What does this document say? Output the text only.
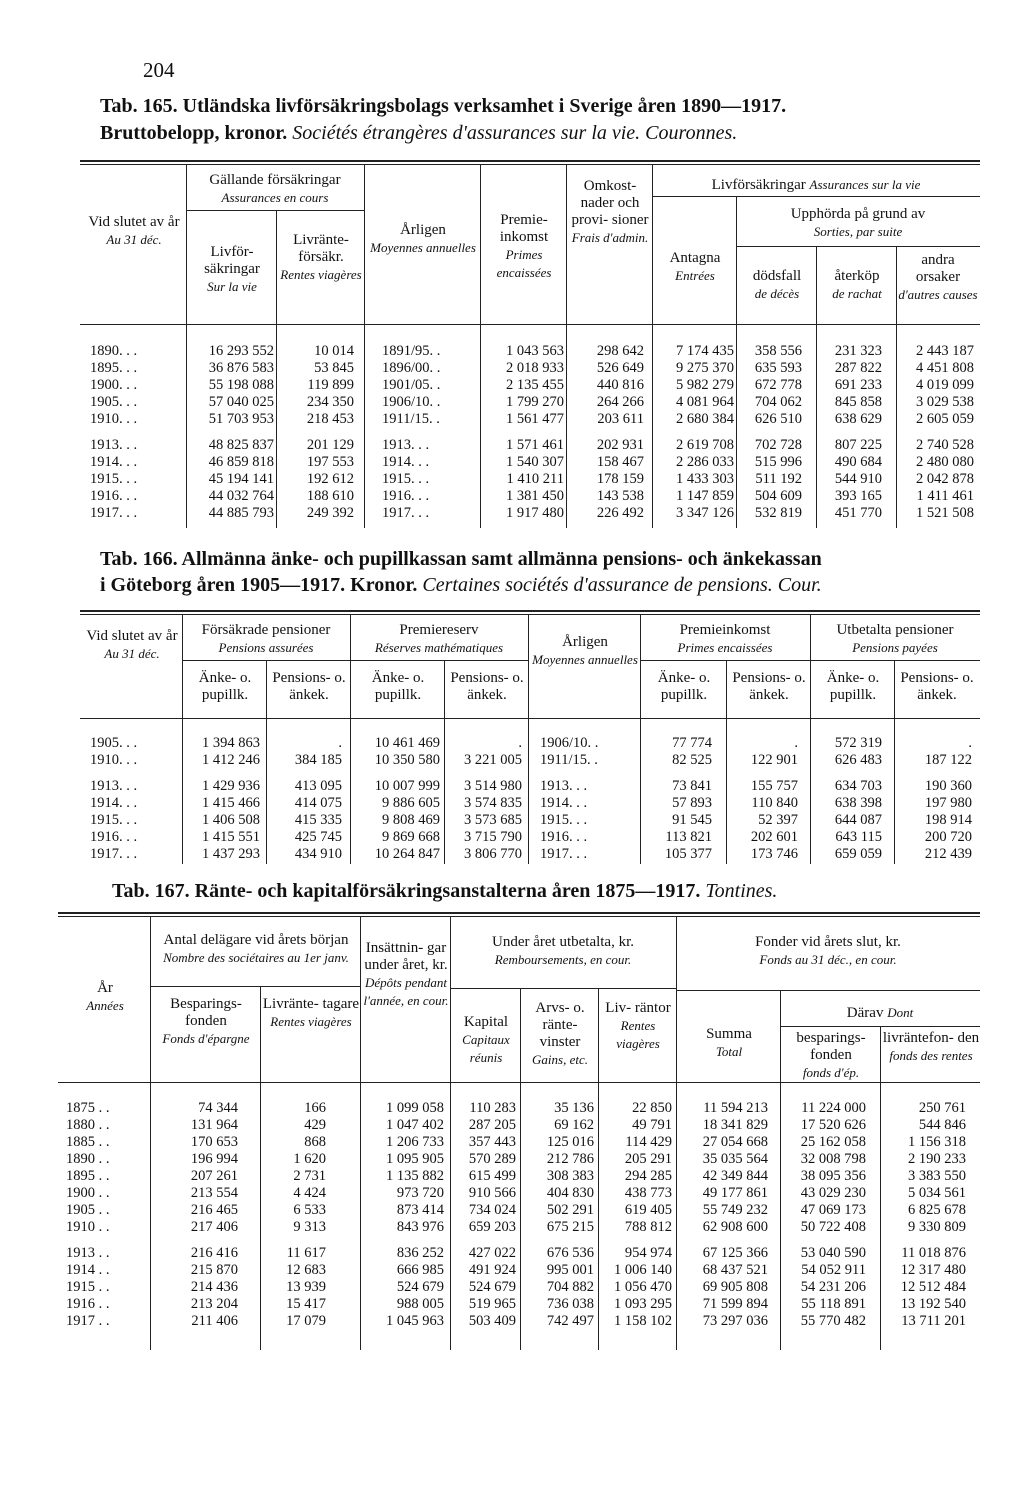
204
Tab. 165. Utländska livförsäkringsbolags verksamhet i Sverige åren 1890—1917.
Bruttobelopp, kronor. Sociétés étrangères d'assurances sur la vie. Couronnes.
Vid slutet av år
Au 31 déc.
Gällande försäkringar
Assurances en cours
Livför- säkringar
Sur la vie
Livränte- försäkr.
Rentes viagères
Årligen
Moyennes annuelles
Premie- inkomst
Primes encaissées
Omkost- nader och provi- sioner
Frais d'admin.
Livförsäkringar Assurances sur la vie
Antagna
Entrées
Upphörda på grund av
Sorties, par suite
dödsfall
de décès
återköp
de rachat
andra orsaker
d'autres causes
1890. . .
1895. . .
1900. . .
1905. . .
1910. . .
1913. . .
1914. . .
1915. . .
1916. . .
1917. . .
16 293 552
36 876 583
55 198 088
57 040 025
51 703 953
48 825 837
46 859 818
45 194 141
44 032 764
44 885 793
10 014
53 845
119 899
234 350
218 453
201 129
197 553
192 612
188 610
249 392
1891/95. .
1896/00. .
1901/05. .
1906/10. .
1911/15. .
1913. . .
1914. . .
1915. . .
1916. . .
1917. . .
1 043 563
2 018 933
2 135 455
1 799 270
1 561 477
1 571 461
1 540 307
1 410 211
1 381 450
1 917 480
298 642
526 649
440 816
264 266
203 611
202 931
158 467
178 159
143 538
226 492
7 174 435
9 275 370
5 982 279
4 081 964
2 680 384
2 619 708
2 286 033
1 433 303
1 147 859
3 347 126
358 556
635 593
672 778
704 062
626 510
702 728
515 996
511 192
504 609
532 819
231 323
287 822
691 233
845 858
638 629
807 225
490 684
544 910
393 165
451 770
2 443 187
4 451 808
4 019 099
3 029 538
2 605 059
2 740 528
2 480 080
2 042 878
1 411 461
1 521 508
Tab. 166. Allmänna änke- och pupillkassan samt allmänna pensions- och änkekassan
i Göteborg åren 1905—1917. Kronor. Certaines sociétés d'assurance de pensions. Cour.
Vid slutet av år
Au 31 déc.
Försäkrade pensioner
Pensions assurées
Premiereserv
Réserves mathématiques	Årligen
Moyennes annuelles
Premieinkomst
Primes encaissées
Utbetalta pensioner
Pensions payées
Änke- o. pupillk.
Pensions- o. änkek.
Änke- o. pupillk.
Pensions- o. änkek.
Änke- o. pupillk.
Pensions- o. änkek.
Änke- o. pupillk.
Pensions- o. änkek.
1905. . .
1910. . .
1913. . .
1914. . .
1915. . .
1916. . .
1917. . .
1 394 863
1 412 246
1 429 936
1 415 466
1 406 508
1 415 551
1 437 293
.
384 185
413 095
414 075
415 335
425 745
434 910
10 461 469
10 350 580
10 007 999
9 886 605
9 808 469
9 869 668
10 264 847
.
3 221 005
3 514 980
3 574 835
3 573 685
3 715 790
3 806 770
1906/10. .
1911/15. .
1913. . .
1914. . .
1915. . .
1916. . .
1917. . .
77 774
82 525
73 841
57 893
91 545
113 821
105 377
.
122 901
155 757
110 840
52 397
202 601
173 746
572 319
626 483
634 703
638 398
644 087
643 115
659 059
.
187 122
190 360
197 980
198 914
200 720
212 439
Tab. 167. Ränte- och kapitalförsäkringsanstalterna åren 1875—1917. Tontines.
År
Années
Antal delägare vid årets början Nombre des sociétaires au 1er janv.
Besparings- fonden
Fonds d'épargne
Livränte- tagare
Rentes viagères
Insättnin- gar under året, kr.
Dépôts pendant l'année, en cour.
Under året utbetalta, kr.
Remboursements, en cour.
Kapital
Capitaux réunis
Arvs- o. ränte- vinster
Gains, etc.
Liv- räntor
Rentes viagères
Fonder vid årets slut, kr.
Fonds au 31 déc., en cour.
Summa
Total
Därav Dont
besparings- fonden
fonds d'ép.
livräntefon- den
fonds des rentes
1875 . .
1880 . .
1885 . .
1890 . .
1895 . .
1900 . .
1905 . .
1910 . .
1913 . .
1914 . .
1915 . .
1916 . .
1917 . .
74 344
131 964
170 653
196 994
207 261
213 554
216 465
217 406
216 416
215 870
214 436
213 204
211 406
166
429
868
1 620
2 731
4 424
6 533
9 313
11 617
12 683
13 939
15 417
17 079
1 099 058
1 047 402
1 206 733
1 095 905
1 135 882
973 720
873 414
843 976
836 252
666 985
524 679
988 005
1 045 963
110 283
287 205
357 443
570 289
615 499
910 566
734 024
659 203
427 022
491 924
524 679
519 965
503 409
35 136
69 162
125 016
212 786
308 383
404 830
502 291
675 215
676 536
995 001
704 882
736 038
742 497
22 850
49 791
114 429
205 291
294 285
438 773
619 405
788 812
954 974
1 006 140
1 056 470
1 093 295
1 158 102
11 594 213
18 341 829
27 054 668
35 035 564
42 349 844
49 177 861
55 749 232
62 908 600
67 125 366
68 437 521
69 905 808
71 599 894
73 297 036
11 224 000
17 520 626
25 162 058
32 008 798
38 095 356
43 029 230
47 069 173
50 722 408
53 040 590
54 052 911
54 231 206
55 118 891
55 770 482
250 761
544 846
1 156 318
2 190 233
3 383 550
5 034 561
6 825 678
9 330 809
11 018 876
12 317 480
12 512 484
13 192 540
13 711 201
